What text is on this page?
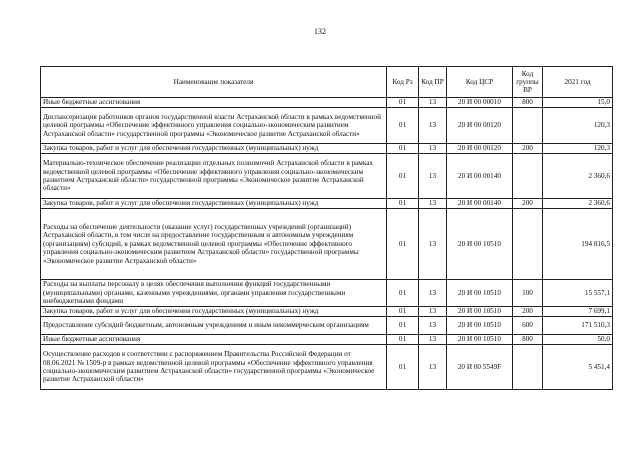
132
Наименование показателя	Код Рз	Код ПР	Код ЦСР	Код группы ВР	2021 год
Иные бюджетные ассигнования	01	13	20 И 00 00010	800	15,0
Диспансеризация работников органов государственной власти Астраханской области в рамках ведомственной целевой программы «Обеспечение эффективного управления социально-экономическим развитием Астраханской области» государственной программы «Экономическое развитие Астраханской области»	01	13	20 И 00 00120		120,3
Закупка товаров, работ и услуг для обеспечения государственных (муниципальных) нужд	01	13	20 И 00 00120	200	120,3
Материально-техническое обеспечение реализации отдельных полномочий Астраханской области в рамках ведомственной целевой программы «Обеспечение эффективного управления социально-экономическим развитием Астраханской области» государственной программы «Экономическое развитие Астраханской области»	01	13	20 И 00 00140		2 360,6
Закупка товаров, работ и услуг для обеспечения государственных (муниципальных) нужд	01	13	20 И 00 00140	200	2 360,6
Расходы на обеспечение деятельности (оказание услуг) государственных учреждений (организаций) Астраханской области, в том числе на предоставление государственным и автономным учреждениям (организациям) субсидий, в рамках ведомственной целевой программы «Обеспечение эффективного управления социально-экономическим развитием Астраханской области» государственной программы «Экономическое развитие Астраханской области»	01	13	20 И 00 10510		194 816,5
Расходы на выплаты персоналу в целях обеспечения выполнения функций государственными (муниципальными) органами, казенными учреждениями, органами управления государственными внебюджетными фондами	01	13	20 И 00 10510	100	15 557,1
Закупка товаров, работ и услуг для обеспечения государственных (муниципальных) нужд	01	13	20 И 00 10510	200	7 699,1
Предоставление субсидий бюджетным, автономным учреждениям и иным некоммерческим организациям	01	13	20 И 00 10510	600	171 510,3
Иные бюджетные ассигнования	01	13	20 И 00 10510	800	50,0
Осуществление расходов в соответствии с распоряжением Правительства Российской Федерации от 08.06.2021 № 1509-р в рамках ведомственной целевой программы «Обеспечение эффективного управления социально-экономическим развитием Астраханской области» государственной программы «Экономическое развитие Астраханской области»	01	13	20 И 00 5549F		5 451,4
